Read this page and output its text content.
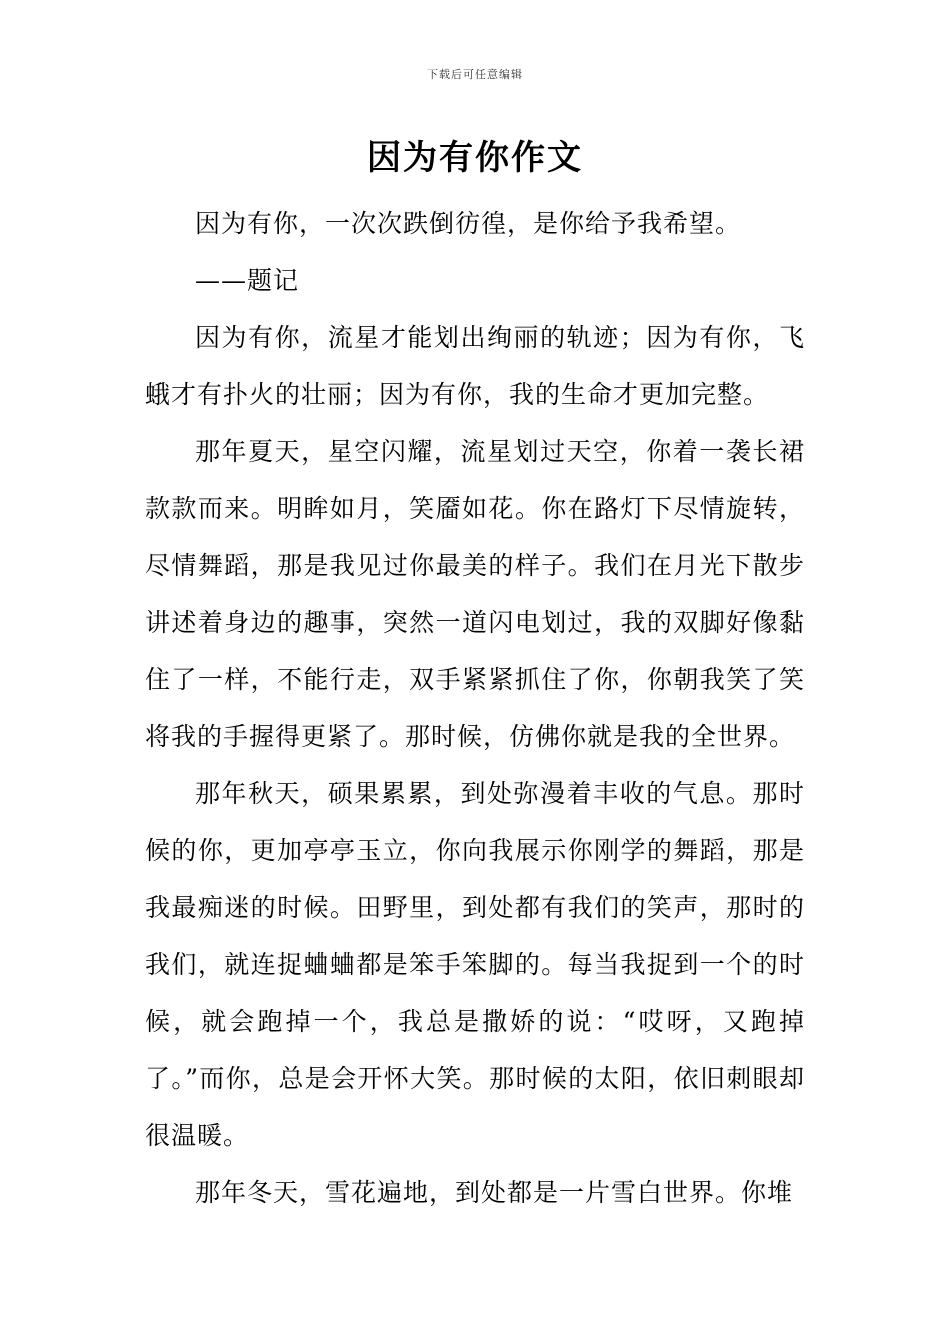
下载后可任意编辑
因为有你作文

因为有你，一次次跌倒彷徨，是你给予我希望。

——题记

因为有你，流星才能划出绚丽的轨迹；因为有你，飞蛾才有扑火的壮丽；因为有你，我的生命才更加完整。

那年夏天，星空闪耀，流星划过天空，你着一袭长裙款款而来。明眸如月，笑靥如花。你在路灯下尽情旋转，尽情舞蹈，那是我见过你最美的样子。我们在月光下散步讲述着身边的趣事，突然一道闪电划过，我的双脚好像黏住了一样，不能行走，双手紧紧抓住了你，你朝我笑了笑将我的手握得更紧了。那时候，仿佛你就是我的全世界。

那年秋天，硕果累累，到处弥漫着丰收的气息。那时候的你，更加亭亭玉立，你向我展示你刚学的舞蹈，那是我最痴迷的时候。田野里，到处都有我们的笑声，那时的我们，就连捉蛐蛐都是笨手笨脚的。每当我捉到一个的时候，就会跑掉一个，我总是撒娇的说：“哎呀，又跑掉了。”而你，总是会开怀大笑。那时候的太阳，依旧刺眼却很温暖。

那年冬天，雪花遍地，到处都是一片雪白世界。你堆
